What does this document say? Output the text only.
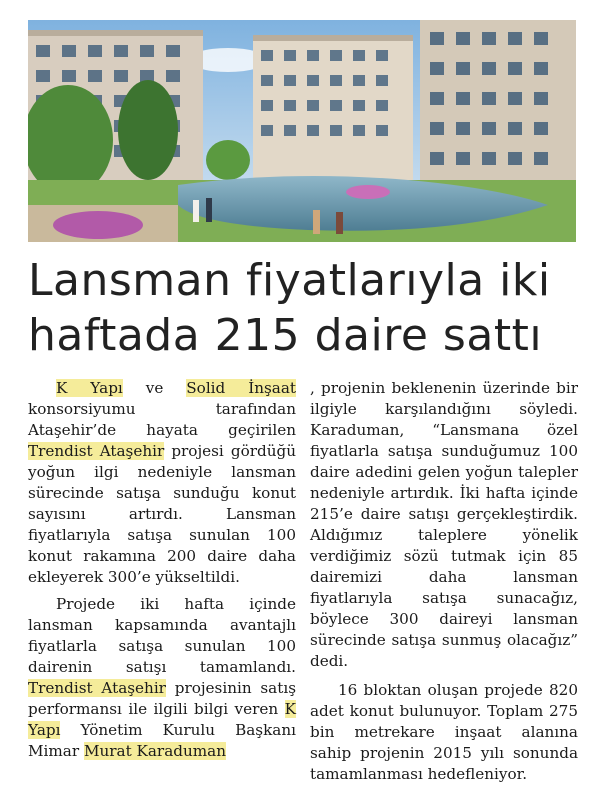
Lansman fiyatlarıyla iki
haftada 215 daire sattı

K Yapı ve Solid İnşaat konsorsiyumu tarafından Ataşehir’de hayata geçirilen Trendist Ataşehir projesi gördüğü yoğun ilgi nedeniyle lansman sürecinde satışa sunduğu konut sayısını artırdı. Lansman fiyatlarıyla satışa sunulan 100 konut rakamına 200 daire daha ekleyerek 300’e yükseltildi.

Projede iki hafta içinde lansman kapsamında avantajlı fiyatlarla satışa sunulan 100 dairenin satışı tamamlandı. Trendist Ataşehir projesinin satış performansı ile ilgili bilgi veren K Yapı Yönetim Kurulu Başkanı Mimar Murat Karaduman

, projenin beklenenin üzerinde bir ilgiyle karşılandığını söyledi. Karaduman, “Lansmana özel fiyatlarla satışa sunduğumuz 100 daire adedini gelen yoğun talepler nedeniyle artırdık. İki hafta içinde 215’e daire satışı gerçekleştirdik. Aldığımız taleplere yönelik verdiğimiz sözü tutmak için 85 dairemizi daha lansman fiyatlarıyla satışa sunacağız, böylece 300 daireyi lansman sürecinde satışa sunmuş olacağız” dedi.

16 bloktan oluşan projede 820 adet konut bulunuyor. Toplam 275 bin metrekare inşaat alanına sahip projenin 2015 yılı sonunda tamamlanması hedefleniyor.
